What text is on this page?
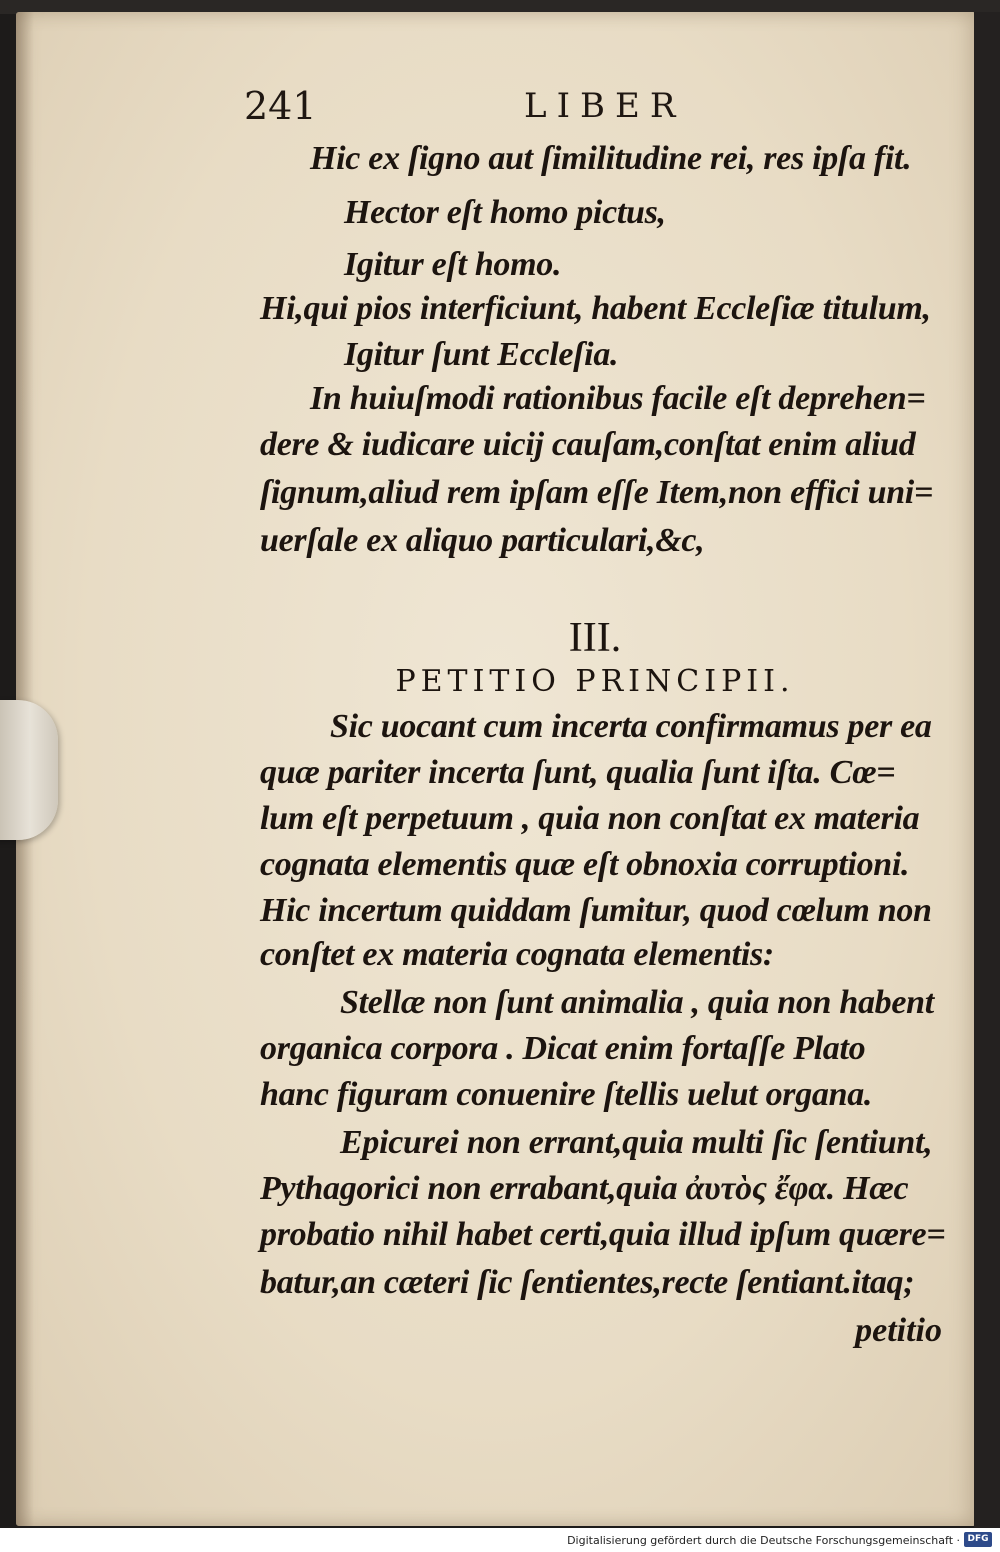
241	LIBER
Hic ex ſigno aut ſimilitudine rei, res ipſa fit.
Hector eſt homo pictus,
Igitur eſt homo.
Hi,qui pios interficiunt, habent Eccleſiæ titulum,
Igitur ſunt Eccleſia.
In huiuſmodi rationibus facile eſt deprehen=
dere & iudicare uicij cauſam,conſtat enim aliud
ſignum,aliud rem ipſam eſſe Item,non effici uni=
uerſale ex aliquo particulari,&c,
III.
PETITIO PRINCIPII.
Sic uocant cum incerta confirmamus per ea
quæ pariter incerta ſunt, qualia ſunt iſta. Cœ=
lum eſt perpetuum , quia non conſtat ex materia
cognata elementis quæ eſt obnoxia corruptioni.
Hic incertum quiddam ſumitur, quod cœlum non
conſtet ex materia cognata elementis:
Stellæ non ſunt animalia , quia non habent
organica corpora . Dicat enim fortaſſe Plato
hanc figuram conuenire ſtellis uelut organa.
Epicurei non errant,quia multi ſic ſentiunt,
Pythagorici non errabant,quia ἀυτὸς ἔφα. Hæc
probatio nihil habet certi,quia illud ipſum quære=
batur,an cæteri ſic ſentientes,recte ſentiant.itaq;
petitio
Digitalisierung gefördert durch die Deutsche Forschungsgemeinschaft · DFG
